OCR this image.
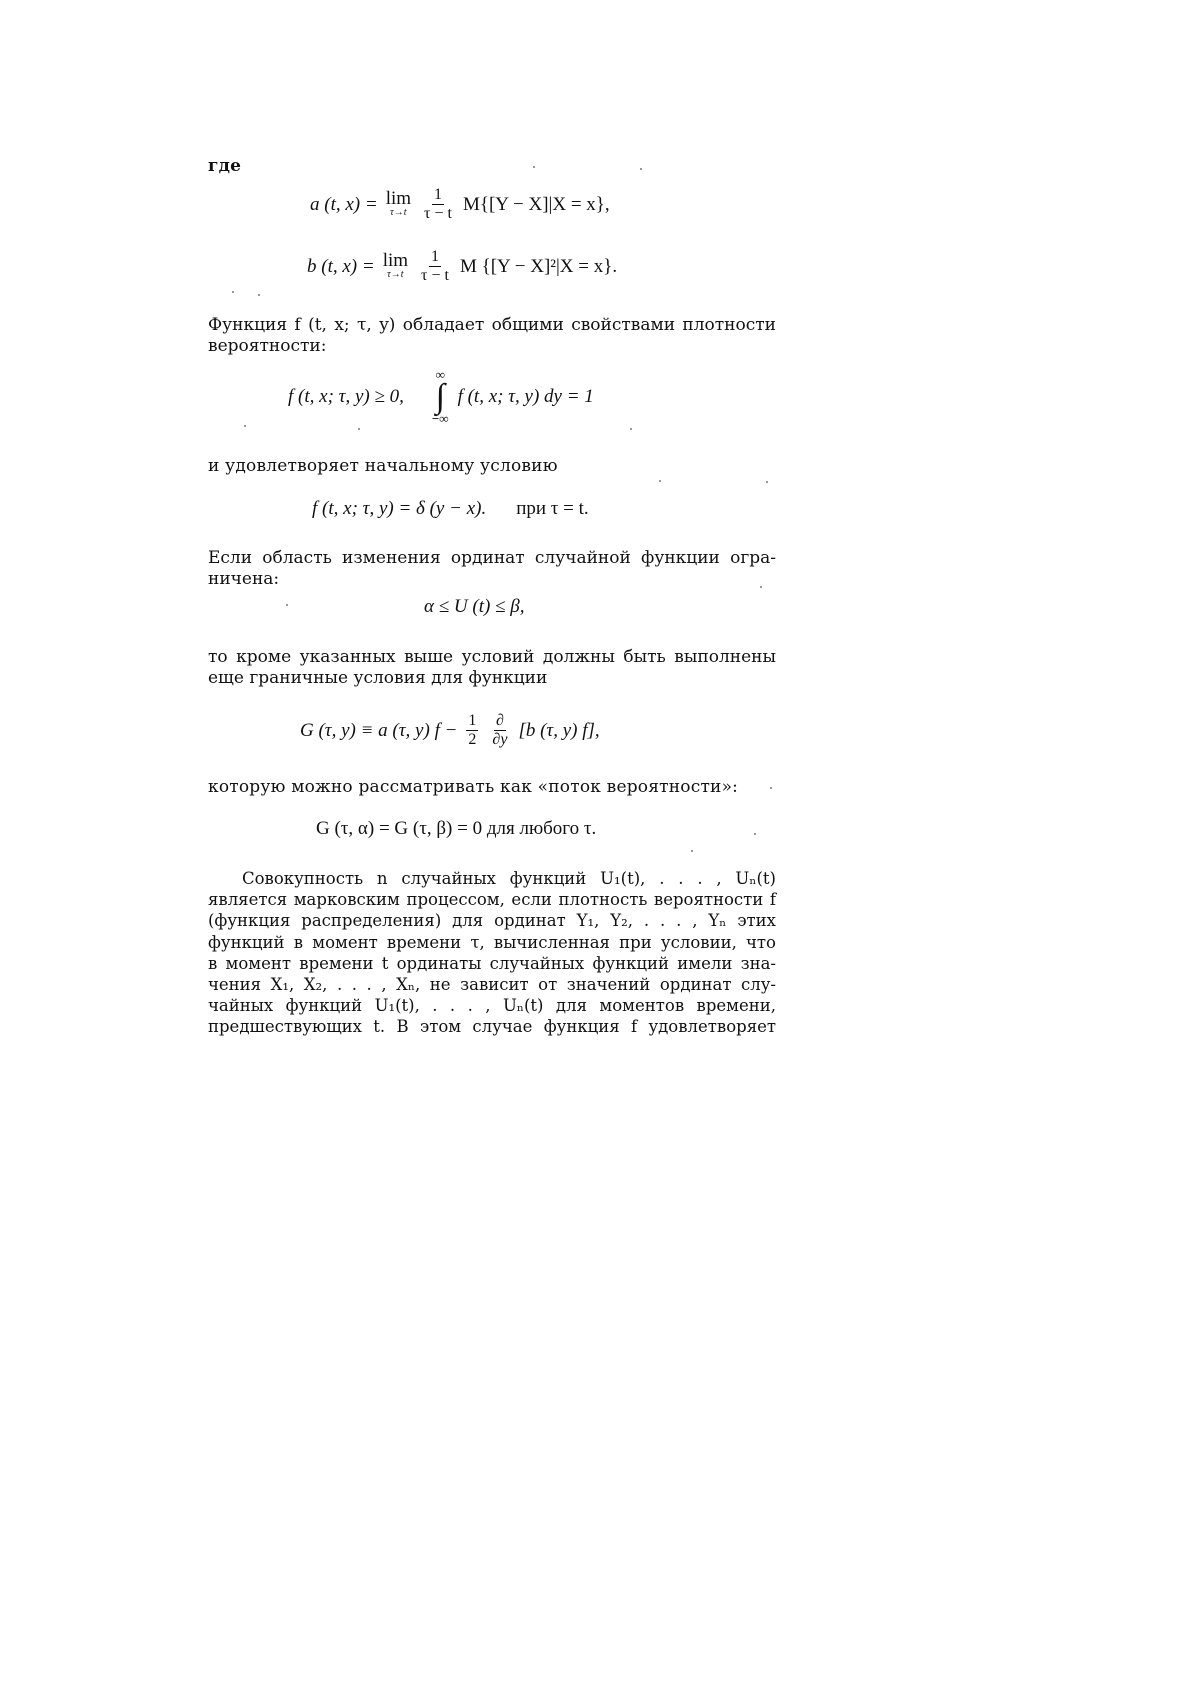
где
a (t, x) = lim
$\tau\to t \frac{1}{\tau - t} M\{[Y - X]|X = x\}$,
b (t, x) = lim
$\tau\to t \frac{1}{\tau - t}$ M {[Y − X]²|X = x}.
Функция f (t, x; τ, y) обладает общими свойствами плотности
вероятности:
f (t, x; τ, y) ≥ 0,
∞
∫
−∞
f (t, x; τ, y) dy = 1
и удовлетворяет начальному условию
f (t, x; τ, y) = δ (y − x). при τ = t.
Если область изменения ординат случайной функции огра-
ничена:
α ≤ U (t) ≤ β,
то кроме указанных выше условий должны быть выполнены
еще граничные условия для функции
G (τ, y) ≡ a (τ, y) $f - \frac{1}{2} \frac{\partial}{\partial y} [b$ (τ, y) f],
которую можно рассматривать как «поток вероятности»:
G (τ, α) = G (τ, β) = 0 для любого τ.
Совокупность n случайных функций U₁(t), . . . , Uₙ(t)
является марковским процессом, если плотность вероятности f
(функция распределения) для ординат Y₁, Y₂, . . . , Yₙ этих
функций в момент времени τ, вычисленная при условии, что
в момент времени t ординаты случайных функций имели зна-
чения X₁, X₂, . . . , Xₙ, не зависит от значений ординат слу-
чайных функций U₁(t), . . . , Uₙ(t) для моментов времени,
предшествующих t. В этом случае функция f удовлетворяет
